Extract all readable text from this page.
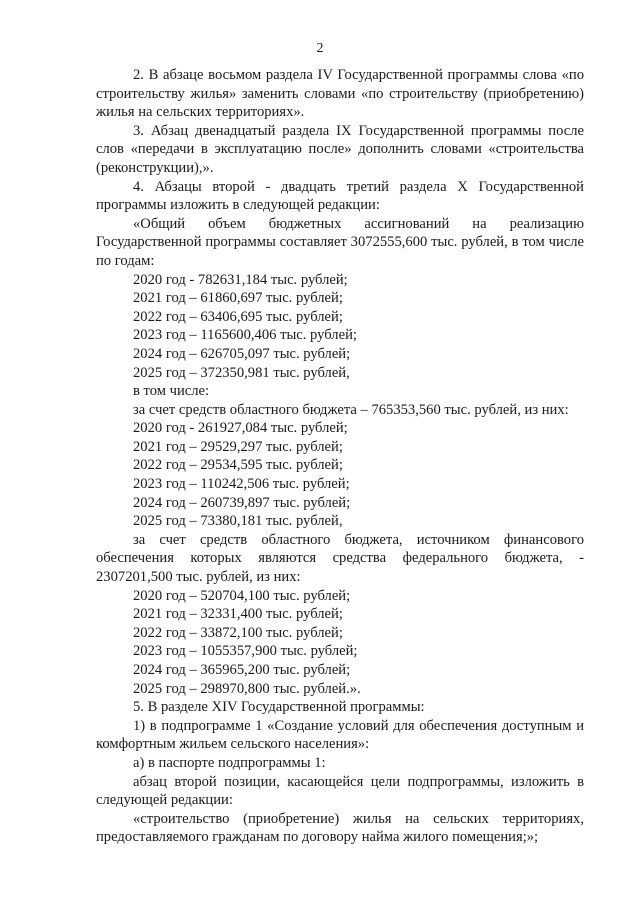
2

2. В абзаце восьмом раздела IV Государственной программы слова «по строительству жилья» заменить словами «по строительству (приобретению) жилья на сельских территориях».

3. Абзац двенадцатый раздела IX Государственной программы после слов «передачи в эксплуатацию после» дополнить словами «строительства (реконструкции),».

4. Абзацы второй - двадцать третий раздела X Государственной программы изложить в следующей редакции:

«Общий объем бюджетных ассигнований на реализацию Государственной программы составляет 3072555,600 тыс. рублей, в том числе по годам:

2020 год - 782631,184 тыс. рублей;

2021 год – 61860,697 тыс. рублей;

2022 год – 63406,695 тыс. рублей;

2023 год – 1165600,406 тыс. рублей;

2024 год – 626705,097 тыс. рублей;

2025 год – 372350,981 тыс. рублей,

в том числе:

за счет средств областного бюджета – 765353,560 тыс. рублей, из них:

2020 год - 261927,084 тыс. рублей;

2021 год – 29529,297 тыс. рублей;

2022 год – 29534,595 тыс. рублей;

2023 год – 110242,506 тыс. рублей;

2024 год – 260739,897 тыс. рублей;

2025 год – 73380,181 тыс. рублей,

за счет средств областного бюджета, источником финансового обеспечения которых являются средства федерального бюджета, - 2307201,500 тыс. рублей, из них:

2020 год – 520704,100 тыс. рублей;

2021 год – 32331,400 тыс. рублей;

2022 год – 33872,100 тыс. рублей;

2023 год – 1055357,900 тыс. рублей;

2024 год – 365965,200 тыс. рублей;

2025 год – 298970,800 тыс. рублей.».

5. В разделе XIV Государственной программы:

1) в подпрограмме 1 «Создание условий для обеспечения доступным и комфортным жильем сельского населения»:

а) в паспорте подпрограммы 1:

абзац второй позиции, касающейся цели подпрограммы, изложить в следующей редакции:

«строительство (приобретение) жилья на сельских территориях, предоставляемого гражданам по договору найма жилого помещения;»;
